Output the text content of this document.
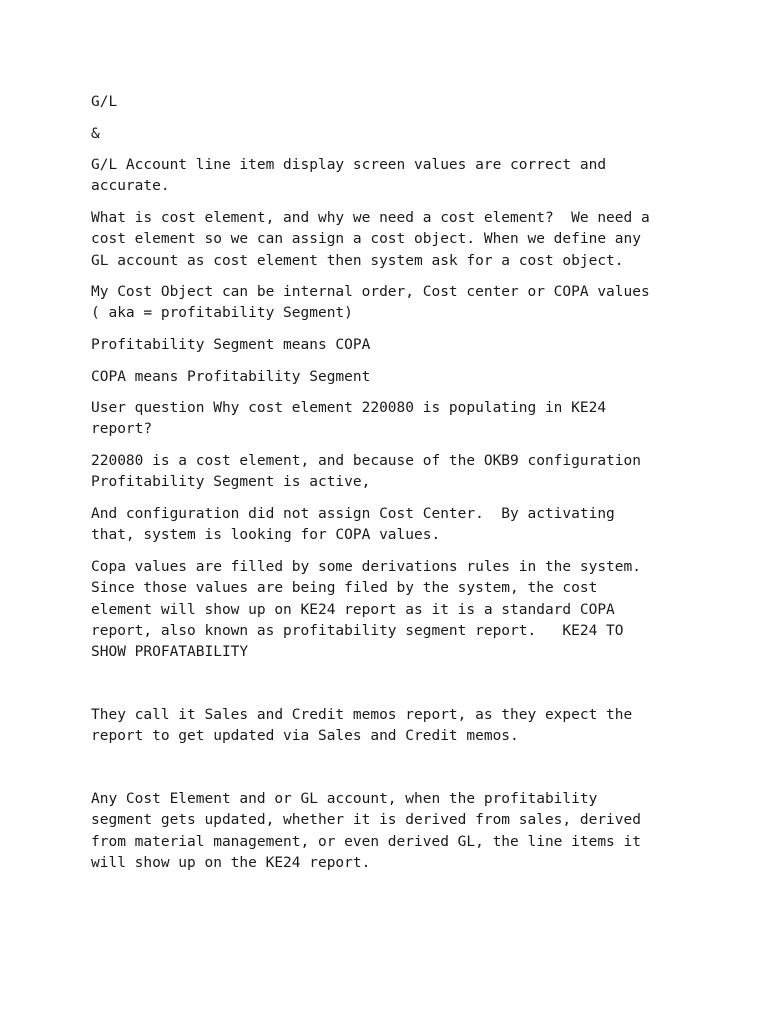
G/L

&

G/L Account line item display screen values are correct and
accurate.

What is cost element, and why we need a cost element?  We need a
cost element so we can assign a cost object. When we define any
GL account as cost element then system ask for a cost object.

My Cost Object can be internal order, Cost center or COPA values
( aka = profitability Segment)

Profitability Segment means COPA

COPA means Profitability Segment

User question Why cost element 220080 is populating in KE24
report?

220080 is a cost element, and because of the OKB9 configuration
Profitability Segment is active,

And configuration did not assign Cost Center.  By activating
that, system is looking for COPA values.

Copa values are filled by some derivations rules in the system.
Since those values are being filed by the system, the cost
element will show up on KE24 report as it is a standard COPA
report, also known as profitability segment report.   KE24 TO
SHOW PROFATABILITY

They call it Sales and Credit memos report, as they expect the
report to get updated via Sales and Credit memos.

Any Cost Element and or GL account, when the profitability
segment gets updated, whether it is derived from sales, derived
from material management, or even derived GL, the line items it
will show up on the KE24 report.
